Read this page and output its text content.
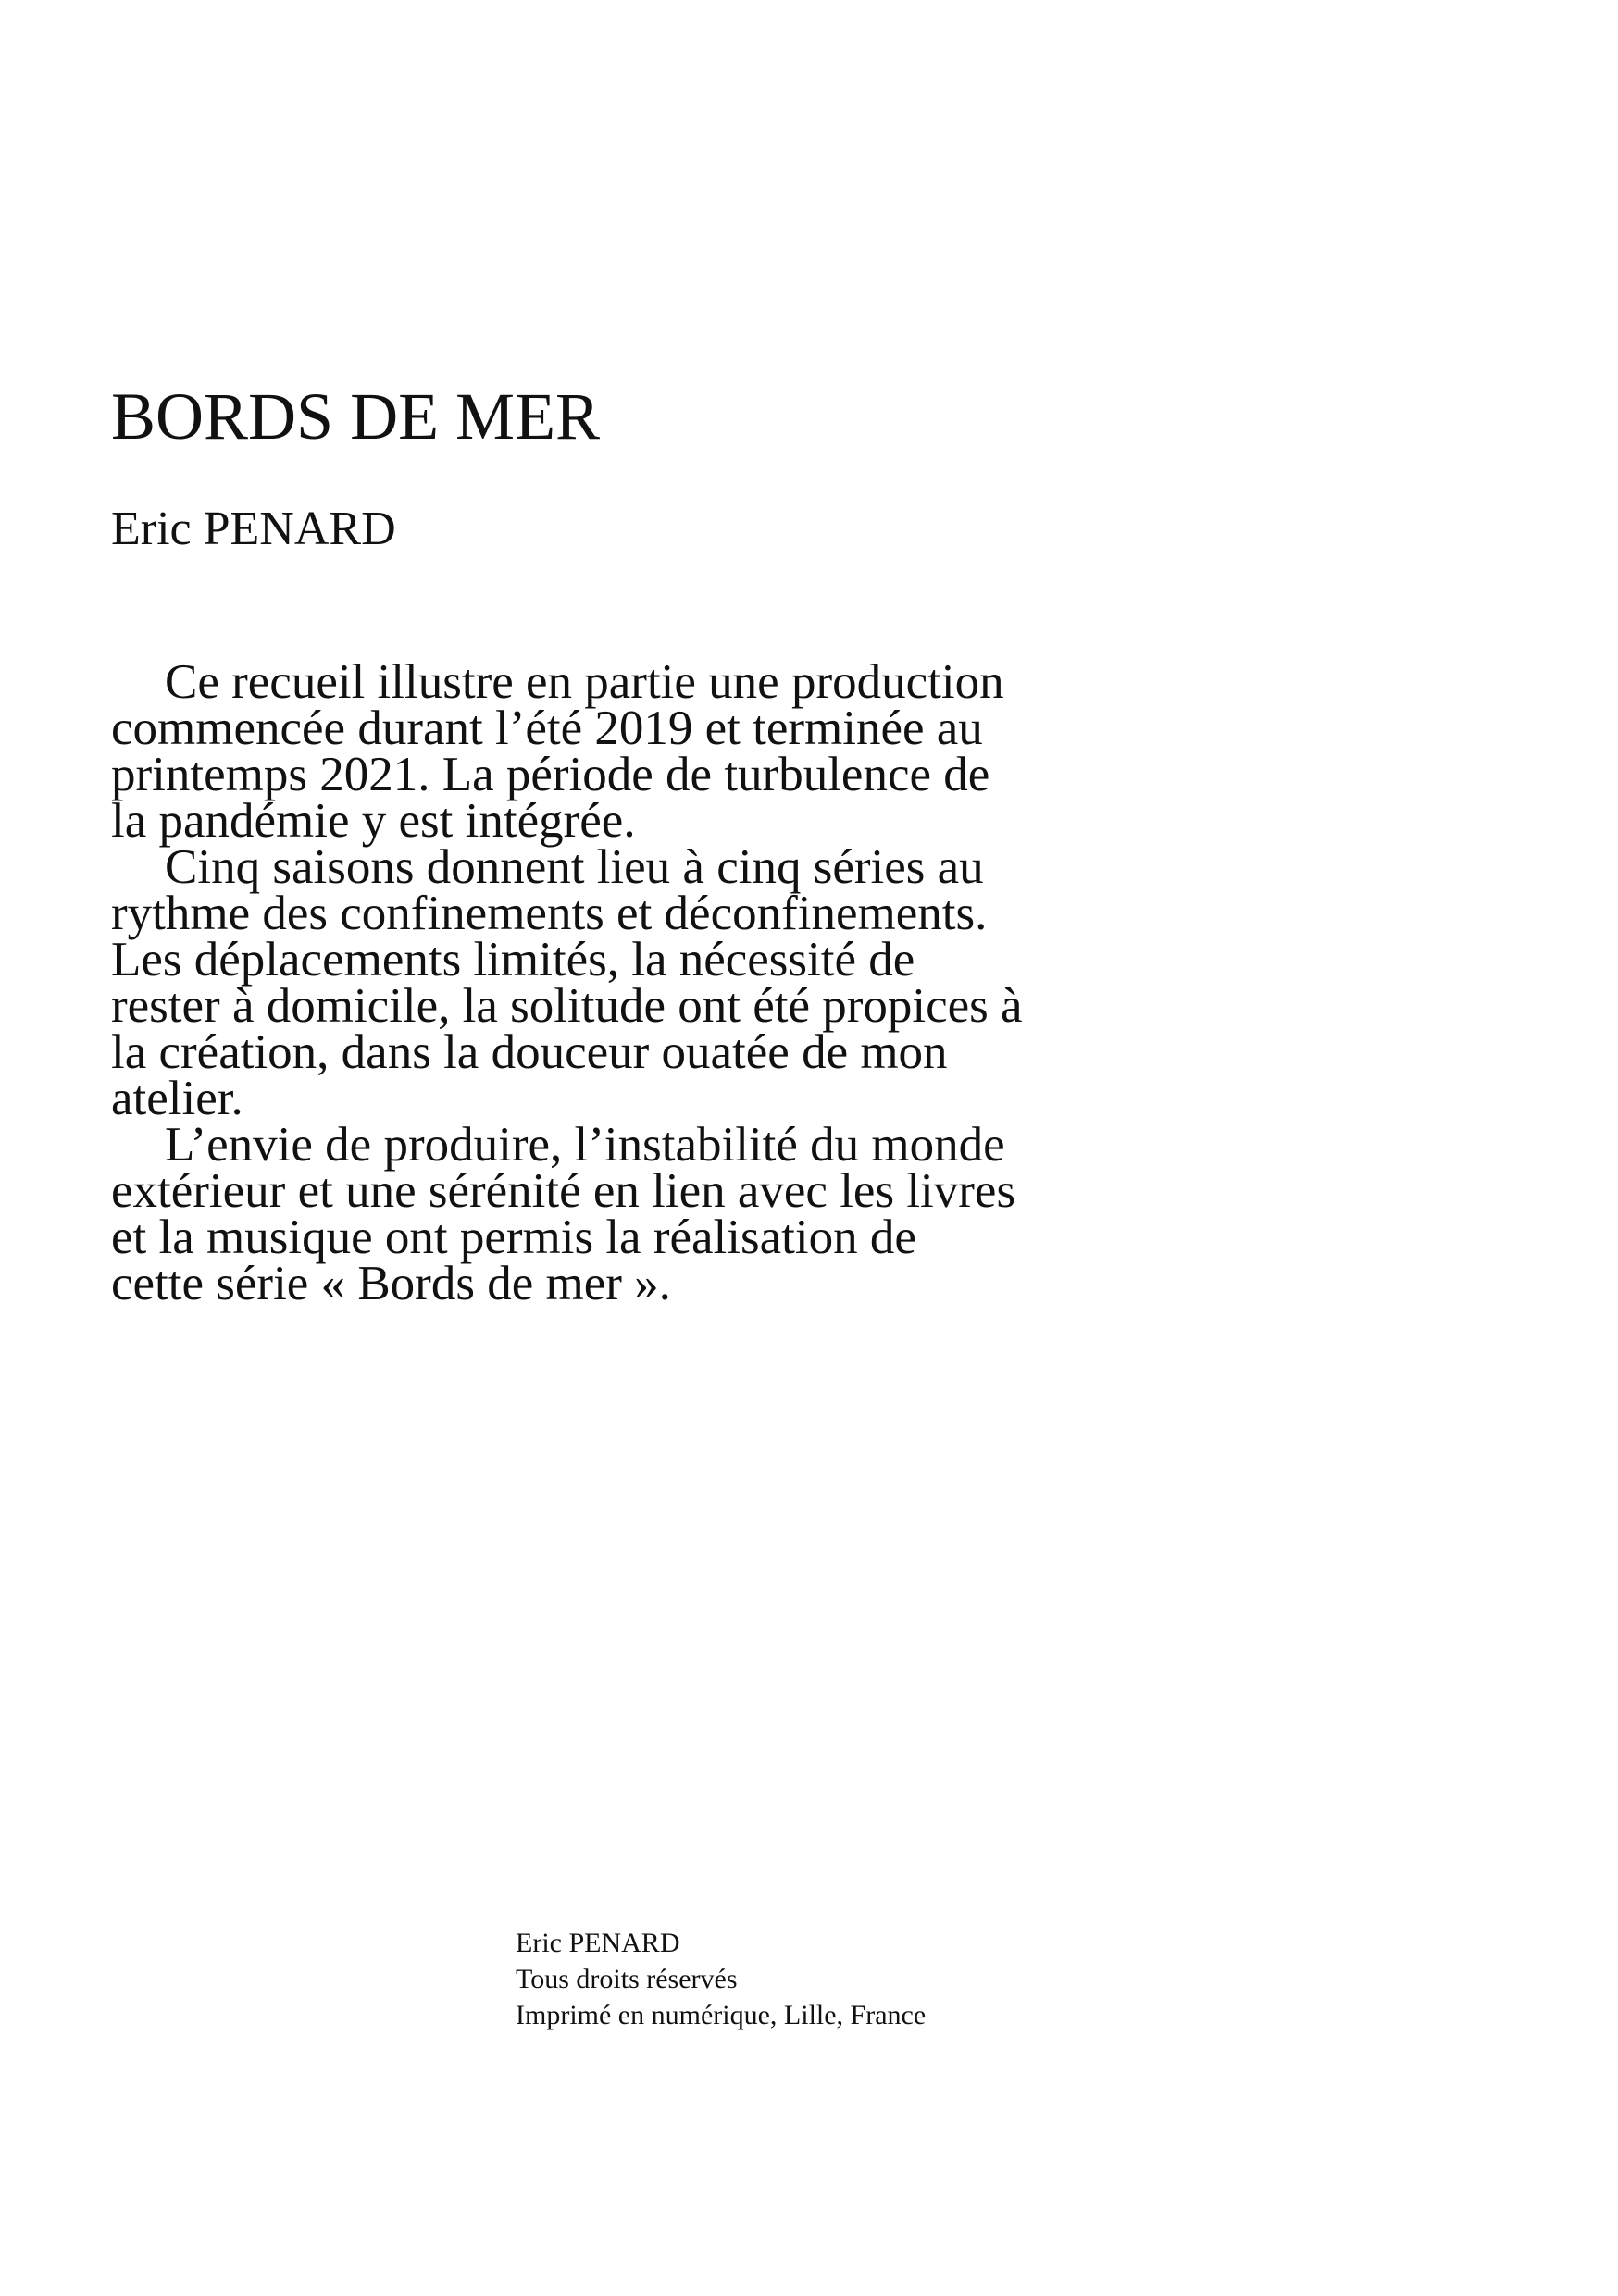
BORDS DE MER

Eric PENARD

Ce recueil illustre en partie une production
commencée durant l’été 2019 et terminée au
printemps 2021. La période de turbulence de
la pandémie y est intégrée.
Cinq saisons donnent lieu à cinq séries au
rythme des confinements et déconfinements.
Les déplacements limités, la nécessité de
rester à domicile, la solitude ont été propices à
la création, dans la douceur ouatée de mon
atelier.
L’envie de produire, l’instabilité du monde
extérieur et une sérénité en lien avec les livres
et la musique ont permis la réalisation de
cette série « Bords de mer ».
Eric PENARD
Tous droits réservés
Imprimé en numérique, Lille, France
